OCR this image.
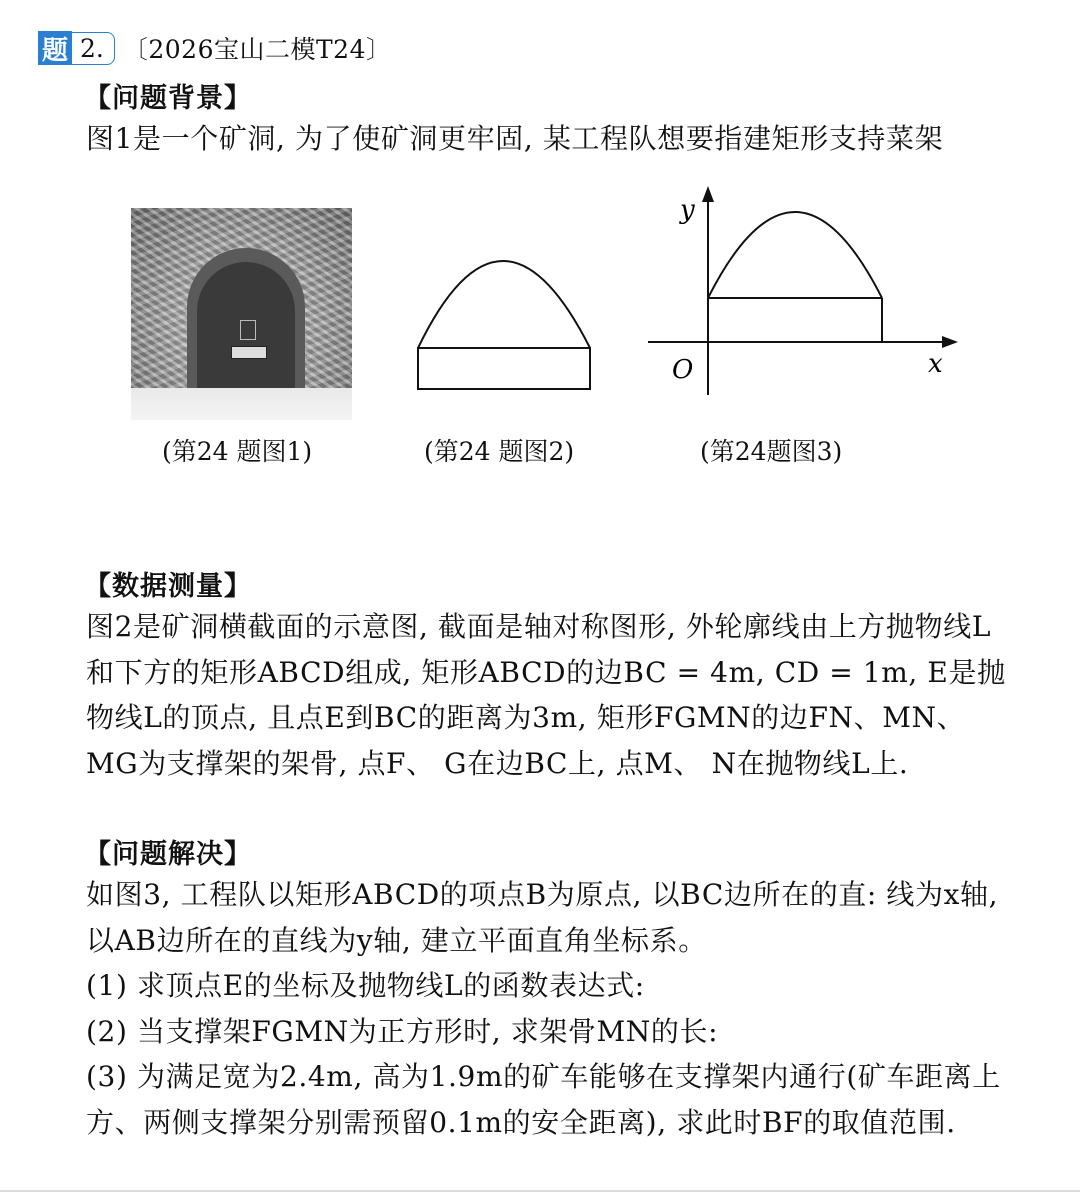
题 2. 〔2026宝山二模T24〕
【问题背景】
图1是一个矿洞, 为了使矿洞更牢固, 某工程队想要指建矩形支持菜架
y
x
O
(第24 题图1)	(第24 题图2)	(第24题图3)
【数据测量】
图2是矿洞横截面的示意图, 截面是轴对称图形, 外轮廓线由上方抛物线L和下方的矩形ABCD组成, 矩形ABCD的边BC = 4m, CD = 1m, E是抛物线L的顶点, 且点E到BC的距离为3m, 矩形FGMN的边FN、MN、 MG为支撑架的架骨, 点F、 G在边BC上, 点M、 N在抛物线L上.
【问题解决】
如图3, 工程队以矩形ABCD的项点B为原点, 以BC边所在的直: 线为x轴, 以AB边所在的直线为y轴, 建立平面直角坐标系。
(1) 求顶点E的坐标及抛物线L的函数表达式:
(2) 当支撑架FGMN为正方形时, 求架骨MN的长:
(3) 为满足宽为2.4m, 高为1.9m的矿车能够在支撑架内通行(矿车距离上方、两侧支撑架分别需预留0.1m的安全距离), 求此时BF的取值范围.
